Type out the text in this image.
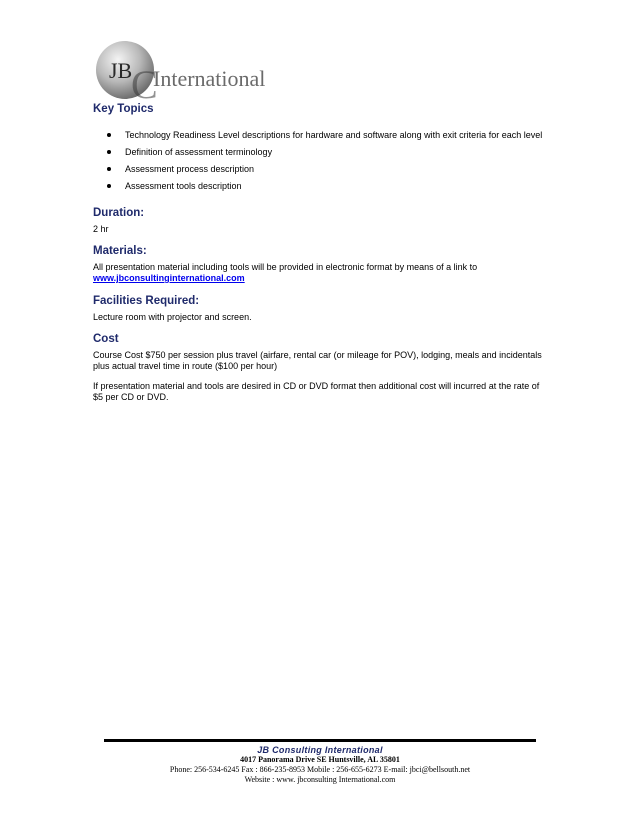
C
JB International
Key Topics
Technology Readiness Level descriptions for hardware and software along with exit criteria for each level
Definition of assessment terminology
Assessment process description
Assessment tools description
Duration:

2 hr

Materials:

All presentation material including tools will be provided in electronic format by means of a link to
www.jbconsultinginternational.com

Facilities Required:

Lecture room with projector and screen.

Cost

Course Cost $750 per session plus travel (airfare, rental car (or mileage for POV), lodging, meals and incidentals plus actual travel time in route ($100 per hour)

If presentation material and tools are desired in CD or DVD format then additional cost will incurred at the rate of $5 per CD or DVD.

JB Consulting International
4017 Panorama Drive SE Huntsville, AL 35801
Phone: 256-534-6245 Fax : 866-235-8953 Mobile : 256-655-6273 E-mail: jbci@bellsouth.net
Website : www. jbconsulting International.com
